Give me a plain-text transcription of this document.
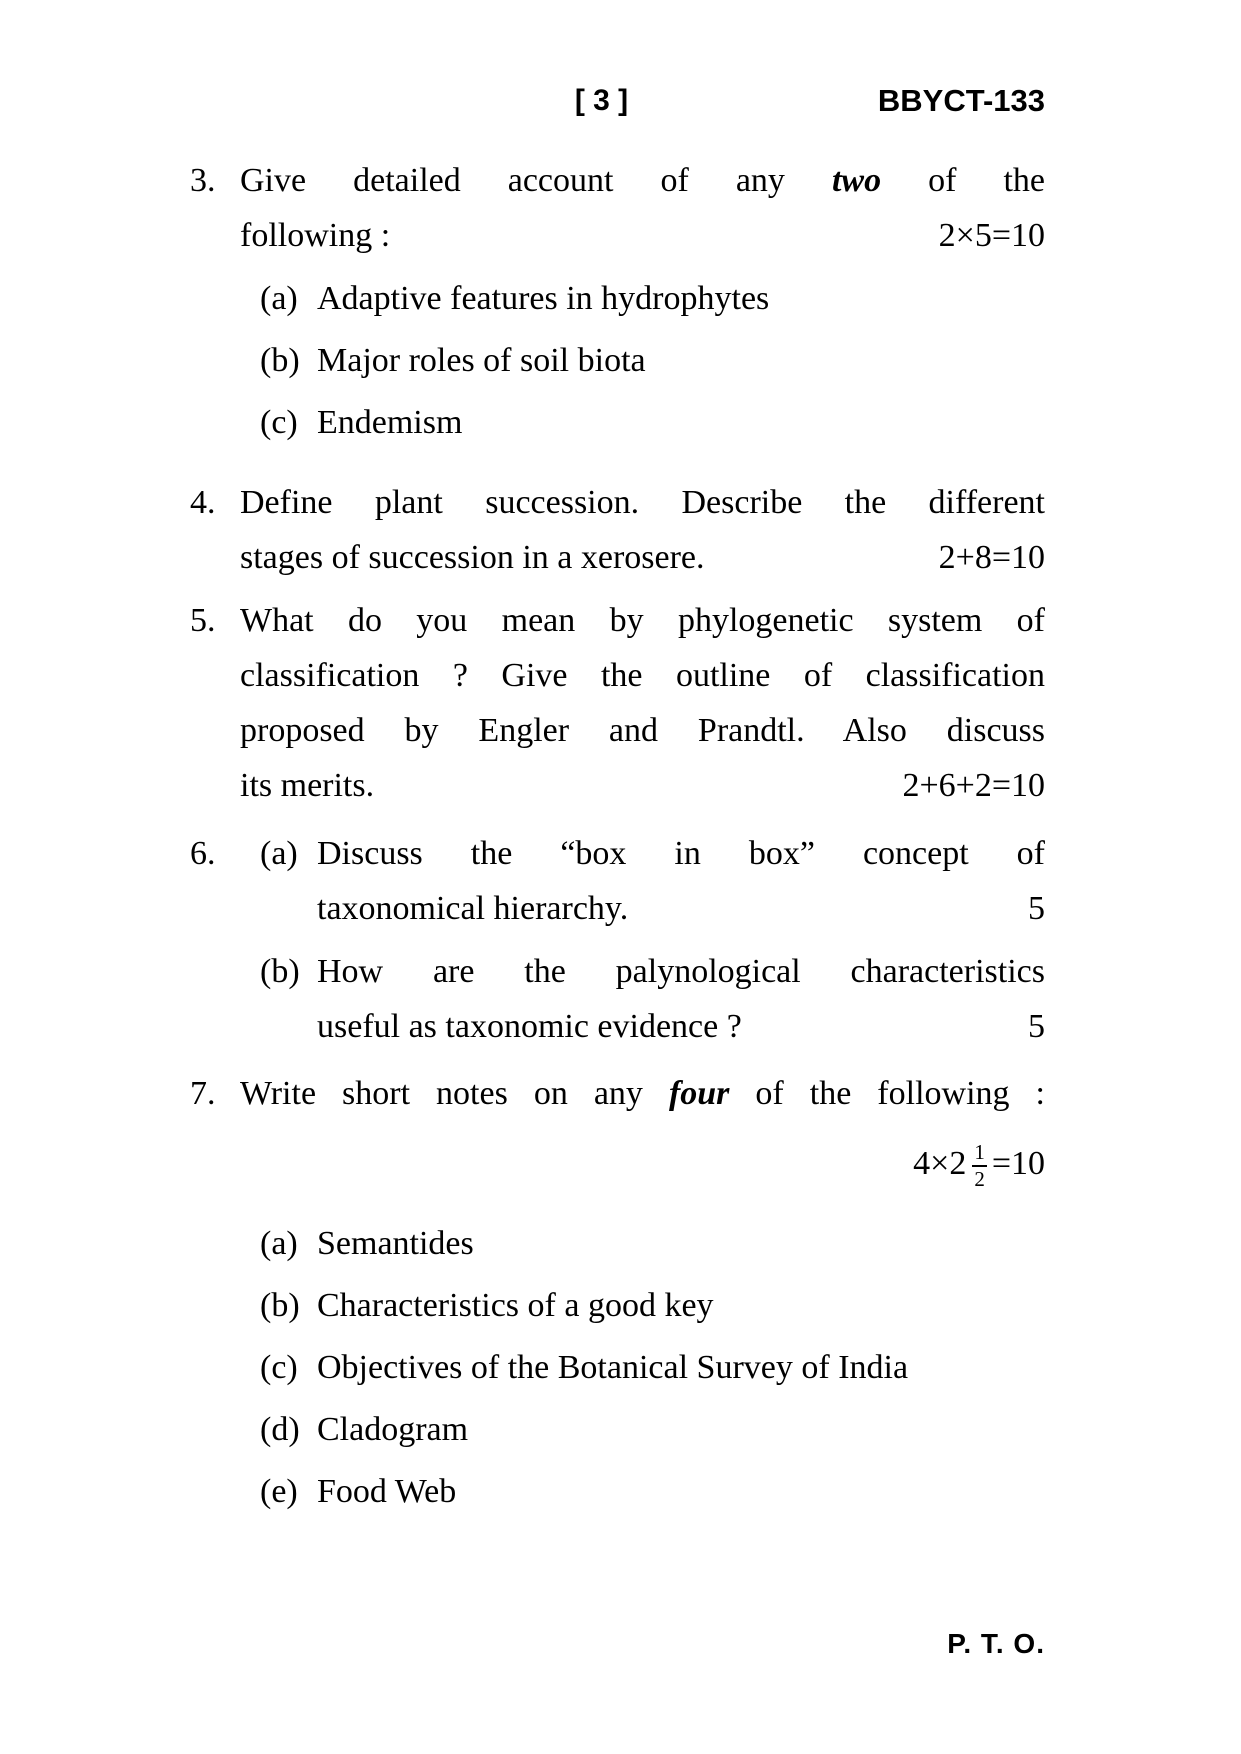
[ 3 ]	BBYCT-133
3. Give detailed account of any two of the
following :	2×5=10
(a) Adaptive features in hydrophytes
(b) Major roles of soil biota
(c) Endemism
4. Define plant succession. Describe the different
stages of succession in a xerosere.	2+8=10
5. What do you mean by phylogenetic system of
classification ? Give the outline of classification
proposed by Engler and Prandtl. Also discuss
its merits.	2+6+2=10
6.	(a) Discuss the “box in box” concept of
taxonomical hierarchy.	5
(b) How are the palynological characteristics
useful as taxonomic evidence ?	5
7. Write short notes on any four of the following :
$4\times 2 \frac{1}{2} =10$
(a) Semantides
(b) Characteristics of a good key
(c) Objectives of the Botanical Survey of India
(d) Cladogram
(e) Food Web
P. T. O.
